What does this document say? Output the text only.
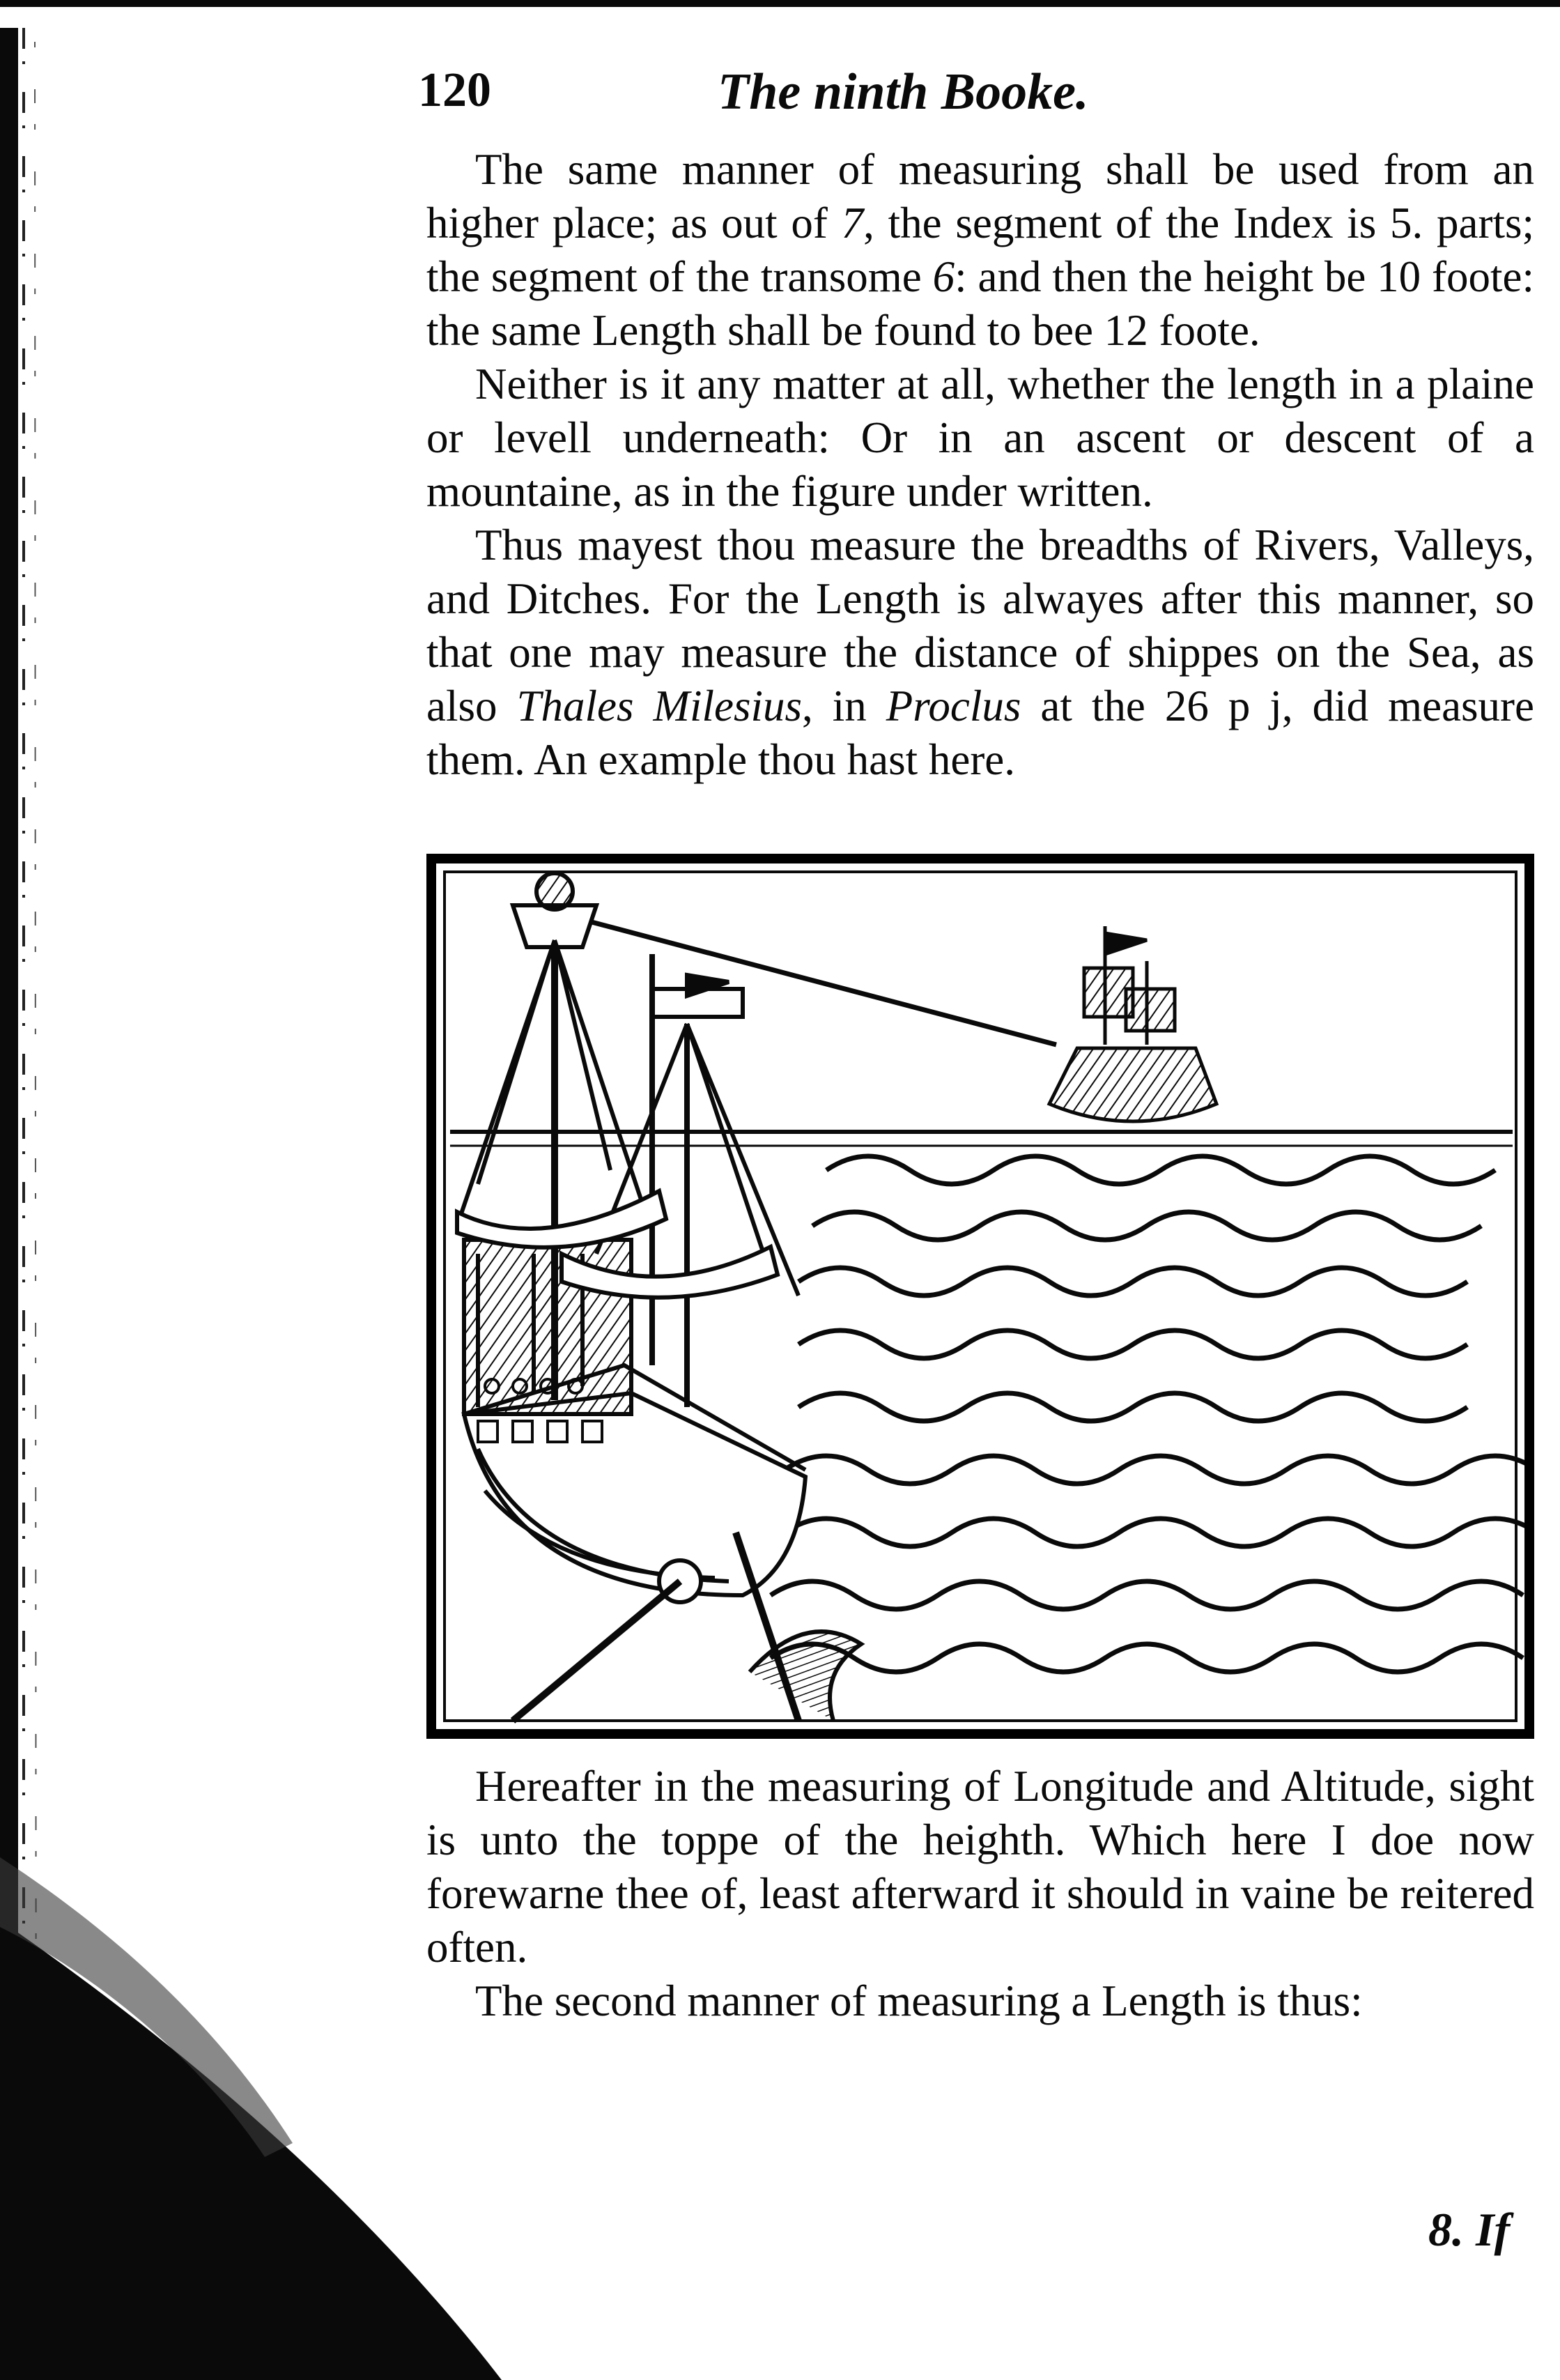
120	The ninth Booke.

The same manner of measuring shall be used from an higher place; as out of 7, the segment of the Index is 5. parts; the segment of the transome 6: and then the height be 10 foote: the same Length shall be found to bee 12 foote.

Neither is it any matter at all, whether the length in a plaine or levell underneath: Or in an ascent or descent of a mountaine, as in the figure under written.

Thus mayest thou measure the breadths of Rivers, Valleys, and Ditches. For the Length is alwayes after this manner, so that one may measure the distance of shippes on the Sea, as also Thales Milesius, in Proclus at the 26 p j, did measure them. An example thou hast here.

Hereafter in the measuring of Longitude and Altitude, sight is unto the toppe of the heighth. Which here I doe now forewarne thee of, least afterward it should in vaine be reitered often.

The second manner of measuring a Length is thus:

8. If
